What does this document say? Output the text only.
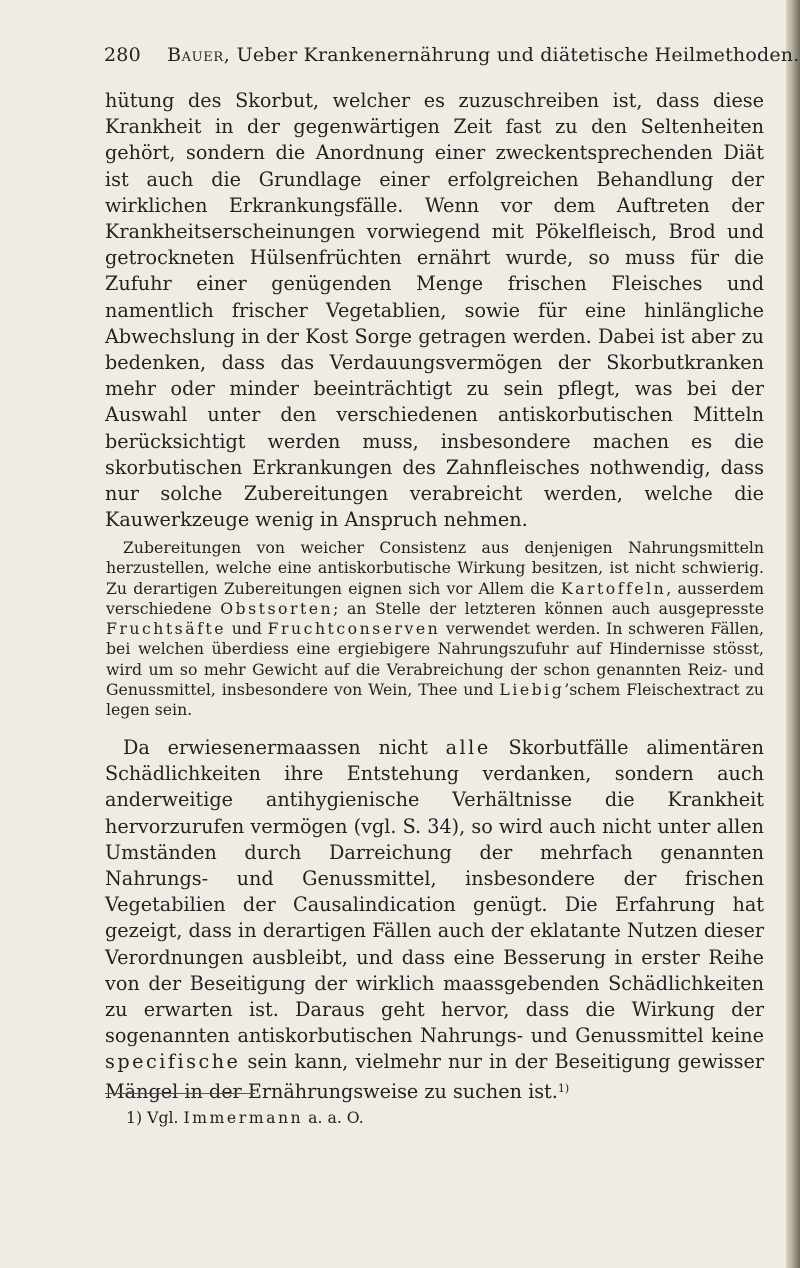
280 Bauer, Ueber Krankenernährung und diätetische Heilmethoden.
hütung des Skorbut, welcher es zuzuschreiben ist, dass diese Krankheit in der gegenwärtigen Zeit fast zu den Seltenheiten gehört, sondern die Anordnung einer zweckentsprechenden Diät ist auch die Grundlage einer erfolgreichen Behandlung der wirklichen Erkrankungsfälle. Wenn vor dem Auftreten der Krankheitserscheinungen vorwiegend mit Pökelfleisch, Brod und getrockneten Hülsenfrüchten ernährt wurde, so muss für die Zufuhr einer genügenden Menge frischen Fleisches und namentlich frischer Vegetablien, sowie für eine hinlängliche Abwechslung in der Kost Sorge getragen werden. Dabei ist aber zu bedenken, dass das Verdauungsvermögen der Skorbutkranken mehr oder minder beeinträchtigt zu sein pflegt, was bei der Auswahl unter den verschiedenen antiskorbutischen Mitteln berücksichtigt werden muss, insbesondere machen es die skorbutischen Erkrankungen des Zahnfleisches nothwendig, dass nur solche Zubereitungen verabreicht werden, welche die Kauwerkzeuge wenig in Anspruch nehmen.
Zubereitungen von weicher Consistenz aus denjenigen Nahrungsmitteln herzustellen, welche eine antiskorbutische Wirkung besitzen, ist nicht schwierig. Zu derartigen Zubereitungen eignen sich vor Allem die Kartoffeln, ausserdem verschiedene Obstsorten; an Stelle der letzteren können auch ausgepresste Fruchtsäfte und Fruchtconserven verwendet werden. In schweren Fällen, bei welchen überdiess eine ergiebigere Nahrungszufuhr auf Hindernisse stösst, wird um so mehr Gewicht auf die Verabreichung der schon genannten Reiz- und Genussmittel, insbesondere von Wein, Thee und Liebig’schem Fleischextract zu legen sein.
Da erwiesenermaassen nicht alle Skorbutfälle alimentären Schädlichkeiten ihre Entstehung verdanken, sondern auch anderweitige antihygienische Verhältnisse die Krankheit hervorzurufen vermögen (vgl. S. 34), so wird auch nicht unter allen Umständen durch Darreichung der mehrfach genannten Nahrungs- und Genussmittel, insbesondere der frischen Vegetabilien der Causalindication genügt. Die Erfahrung hat gezeigt, dass in derartigen Fällen auch der eklatante Nutzen dieser Verordnungen ausbleibt, und dass eine Besserung in erster Reihe von der Beseitigung der wirklich maassgebenden Schädlichkeiten zu erwarten ist. Daraus geht hervor, dass die Wirkung der sogenannten antiskorbutischen Nahrungs- und Genussmittel keine specifische sein kann, vielmehr nur in der Beseitigung gewisser Mängel in der Ernährungsweise zu suchen ist.$^{1)}$
1) Vgl. Immermann a. a. O.
